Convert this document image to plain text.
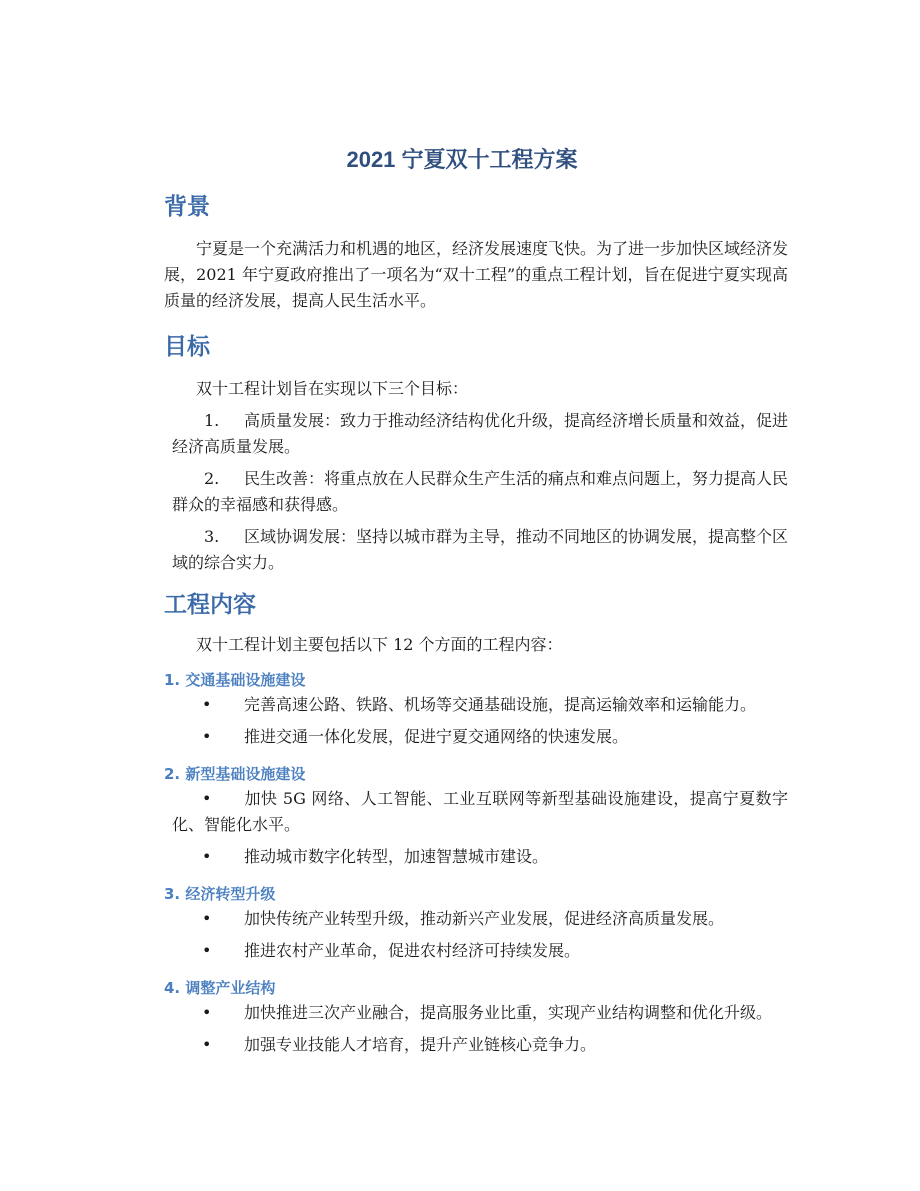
2021 宁夏双十工程方案
背景

宁夏是一个充满活力和机遇的地区，经济发展速度飞快。为了进一步加快区域经济发展，2021 年宁夏政府推出了一项名为“双十工程”的重点工程计划，旨在促进宁夏实现高质量的经济发展，提高人民生活水平。

目标

双十工程计划旨在实现以下三个目标：

1. 高质量发展：致力于推动经济结构优化升级，提高经济增长质量和效益，促进经济高质量发展。
2. 民生改善：将重点放在人民群众生产生活的痛点和难点问题上，努力提高人民群众的幸福感和获得感。
3. 区域协调发展：坚持以城市群为主导，推动不同地区的协调发展，提高整个区域的综合实力。
工程内容

双十工程计划主要包括以下 12 个方面的工程内容：

1. 交通基础设施建设
• 完善高速公路、铁路、机场等交通基础设施，提高运输效率和运输能力。
• 推进交通一体化发展，促进宁夏交通网络的快速发展。
2. 新型基础设施建设
• 加快 5G 网络、人工智能、工业互联网等新型基础设施建设，提高宁夏数字化、智能化水平。
• 推动城市数字化转型，加速智慧城市建设。
3. 经济转型升级
• 加快传统产业转型升级，推动新兴产业发展，促进经济高质量发展。
• 推进农村产业革命，促进农村经济可持续发展。
4. 调整产业结构
• 加快推进三次产业融合，提高服务业比重，实现产业结构调整和优化升级。
• 加强专业技能人才培育，提升产业链核心竞争力。
